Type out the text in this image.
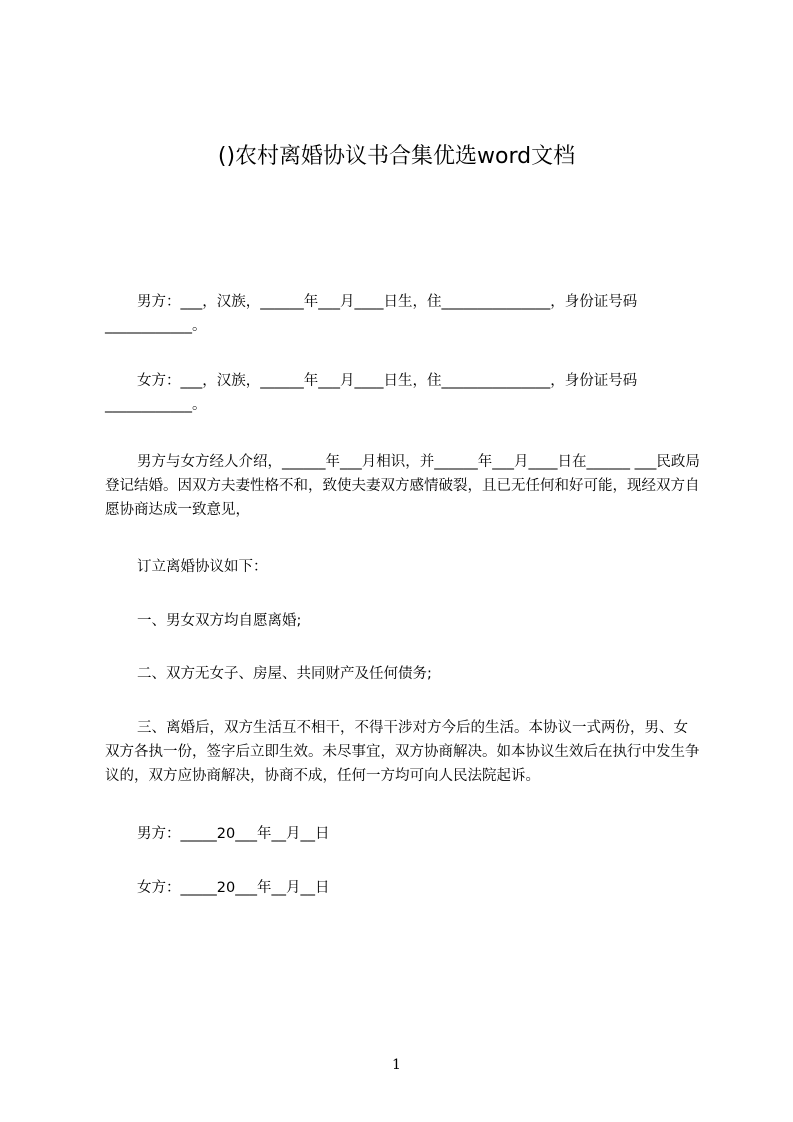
()农村离婚协议书合集优选word文档

男方：___，汉族，______年___月____日生，住_______________，身份证号码____________。

女方：___，汉族，______年___月____日生，住_______________，身份证号码____________。

男方与女方经人介绍，______年___月相识，并______年___月____日在______ ___民政局登记结婚。因双方夫妻性格不和，致使夫妻双方感情破裂，且已无任何和好可能，现经双方自愿协商达成一致意见，

订立离婚协议如下：

一、男女双方均自愿离婚;

二、双方无女子、房屋、共同财产及任何债务;

三、离婚后，双方生活互不相干，不得干涉对方今后的生活。本协议一式两份，男、女双方各执一份，签字后立即生效。未尽事宜，双方协商解决。如本协议生效后在执行中发生争议的，双方应协商解决，协商不成，任何一方均可向人民法院起诉。

男方：_____20___年__月__日

女方：_____20___年__月__日

1
